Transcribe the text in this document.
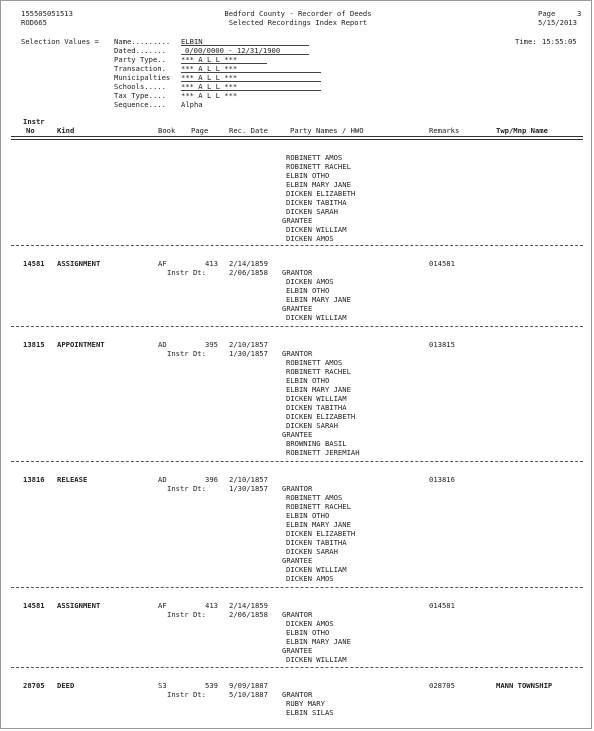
155505051513
ROD665
Bedford County - Recorder of Deeds
Selected Recordings Index Report
Page	3
5/15/2013
Selection Values =	Time: 15:55:05
Name......... ELBIN
Dated.......	0/00/0000 - 12/31/1900
Party Type.. *** A L L ***
Transaction. *** A L L ***
Municipalties *** A L L ***
Schools..... *** A L L ***
Tax Type.... *** A L L ***
Sequence.... Alpha
Instr
No	Kind	Book Page	Rec. Date	Party Names / HWO	Remarks	Twp/Mnp Name
ROBINETT AMOS
ROBINETT RACHEL
ELBIN OTHO
ELBIN MARY JANE
DICKEN ELIZABETH
DICKEN TABITHA
DICKEN SARAH
GRANTEE
DICKEN WILLIAM
DICKEN AMOS
14581 ASSIGNMENT	AF	413 2/14/1859	014581
Instr Dt:	2/06/1858 GRANTOR
DICKEN AMOS
ELBIN OTHO
ELBIN MARY JANE
GRANTEE
DICKEN WILLIAM
13815 APPOINTMENT	AD	395 2/10/1857	013815
Instr Dt:	1/30/1857 GRANTOR
ROBINETT AMOS
ROBINETT RACHEL
ELBIN OTHO
ELBIN MARY JANE
DICKEN WILLIAM
DICKEN TABITHA
DICKEN ELIZABETH
DICKEN SARAH
GRANTEE
BROWNING BASIL
ROBINETT JEREMIAH
13816 RELEASE	AD	396 2/10/1857	013816
Instr Dt:	1/30/1857 GRANTOR
ROBINETT AMOS
ROBINETT RACHEL
ELBIN OTHO
ELBIN MARY JANE
DICKEN ELIZABETH
DICKEN TABITHA
DICKEN SARAH
GRANTEE
DICKEN WILLIAM
DICKEN AMOS
14581 ASSIGNMENT	AF	413 2/14/1859	014581
Instr Dt:	2/06/1858 GRANTOR
DICKEN AMOS
ELBIN OTHO
ELBIN MARY JANE
GRANTEE
DICKEN WILLIAM
28705 DEED	S3	539 9/09/1887	028705	MANN TOWNSHIP
Instr Dt:	5/10/1887 GRANTOR
RUBY MARY
ELBIN SILAS
